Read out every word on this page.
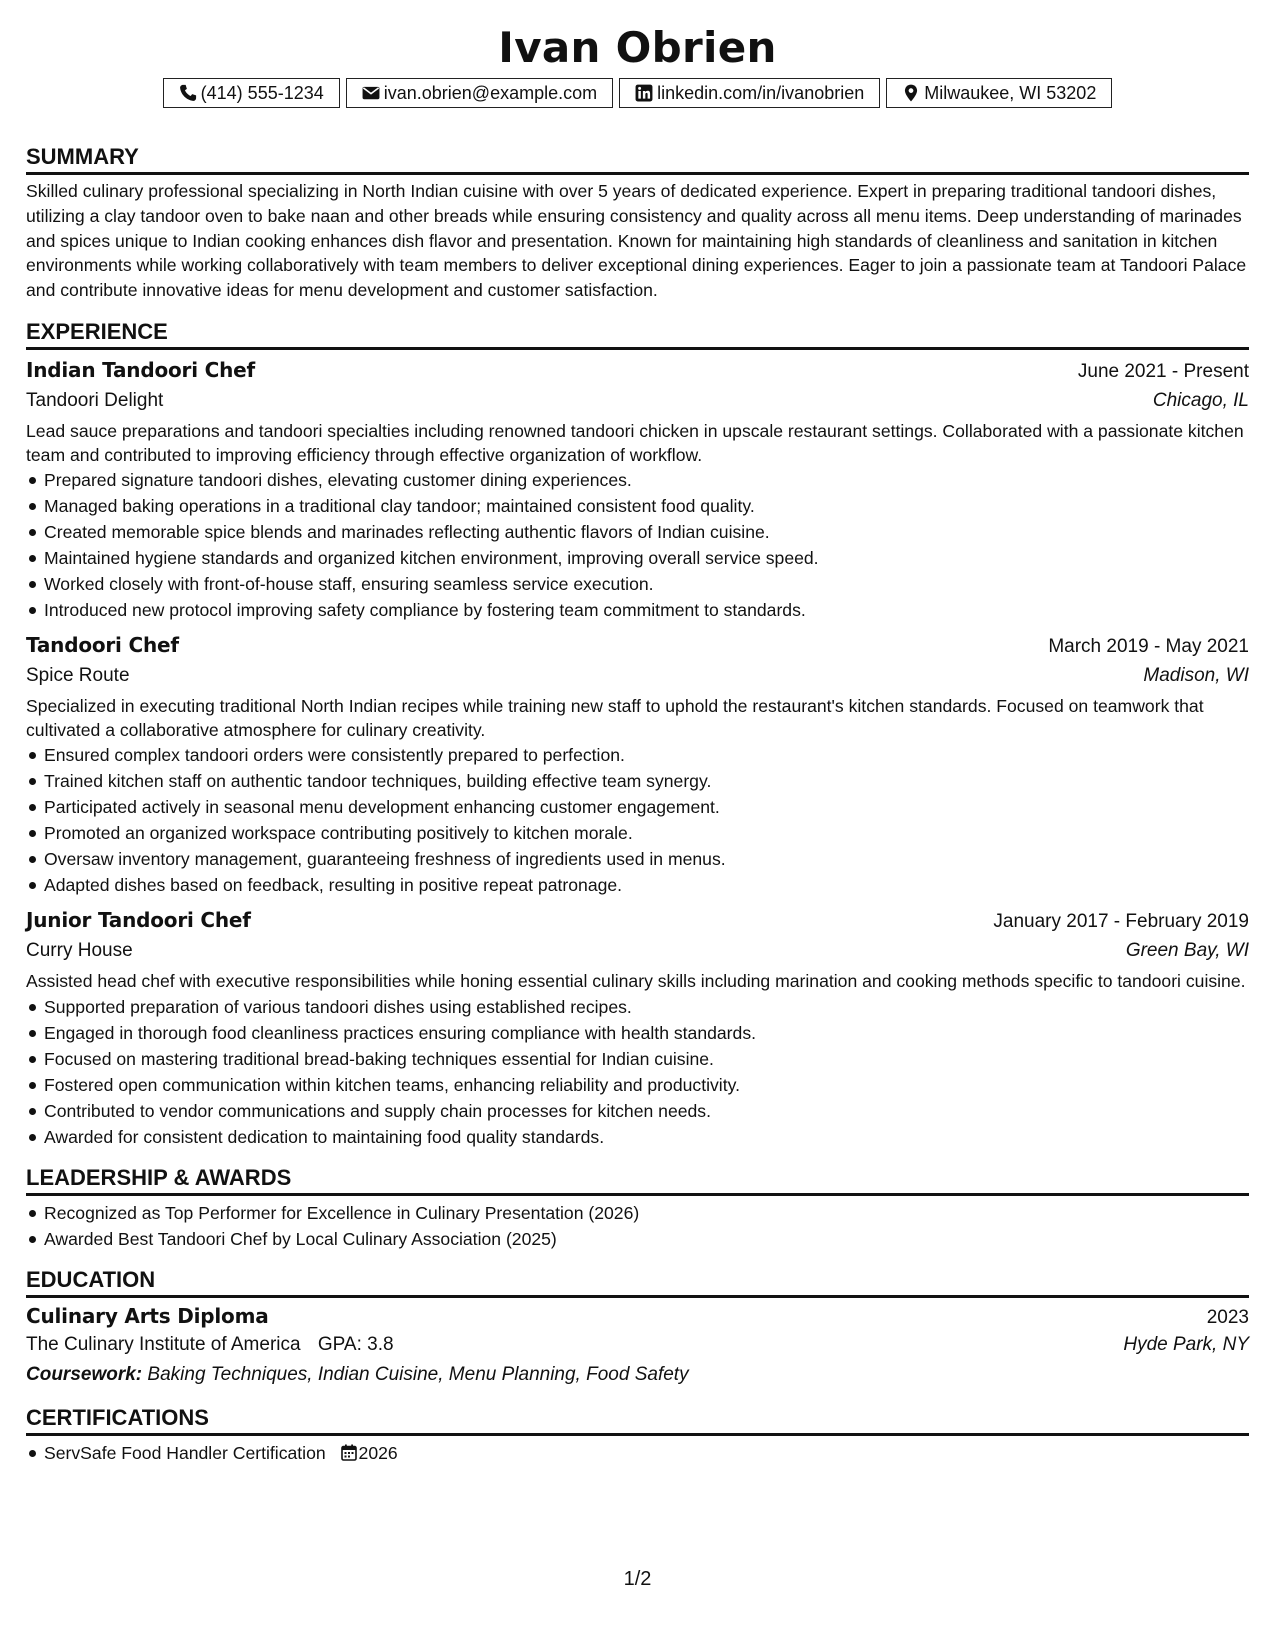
Ivan Obrien
(414) 555-1234	ivan.obrien@example.com	linkedin.com/in/ivanobrien	Milwaukee, WI 53202
SUMMARY
Skilled culinary professional specializing in North Indian cuisine with over 5 years of dedicated experience. Expert in preparing traditional tandoori dishes, utilizing a clay tandoor oven to bake naan and other breads while ensuring consistency and quality across all menu items. Deep understanding of marinades and spices unique to Indian cooking enhances dish flavor and presentation. Known for maintaining high standards of cleanliness and sanitation in kitchen environments while working collaboratively with team members to deliver exceptional dining experiences. Eager to join a passionate team at Tandoori Palace and contribute innovative ideas for menu development and customer satisfaction.
EXPERIENCE
Indian Tandoori Chef	June 2021 - Present
Tandoori Delight	Chicago, IL
Lead sauce preparations and tandoori specialties including renowned tandoori chicken in upscale restaurant settings. Collaborated with a passionate kitchen team and contributed to improving efficiency through effective organization of workflow.
Prepared signature tandoori dishes, elevating customer dining experiences.
Managed baking operations in a traditional clay tandoor; maintained consistent food quality.
Created memorable spice blends and marinades reflecting authentic flavors of Indian cuisine.
Maintained hygiene standards and organized kitchen environment, improving overall service speed.
Worked closely with front-of-house staff, ensuring seamless service execution.
Introduced new protocol improving safety compliance by fostering team commitment to standards.
Tandoori Chef	March 2019 - May 2021
Spice Route	Madison, WI
Specialized in executing traditional North Indian recipes while training new staff to uphold the restaurant's kitchen standards. Focused on teamwork that cultivated a collaborative atmosphere for culinary creativity.
Ensured complex tandoori orders were consistently prepared to perfection.
Trained kitchen staff on authentic tandoor techniques, building effective team synergy.
Participated actively in seasonal menu development enhancing customer engagement.
Promoted an organized workspace contributing positively to kitchen morale.
Oversaw inventory management, guaranteeing freshness of ingredients used in menus.
Adapted dishes based on feedback, resulting in positive repeat patronage.
Junior Tandoori Chef	January 2017 - February 2019
Curry House	Green Bay, WI
Assisted head chef with executive responsibilities while honing essential culinary skills including marination and cooking methods specific to tandoori cuisine.
Supported preparation of various tandoori dishes using established recipes.
Engaged in thorough food cleanliness practices ensuring compliance with health standards.
Focused on mastering traditional bread-baking techniques essential for Indian cuisine.
Fostered open communication within kitchen teams, enhancing reliability and productivity.
Contributed to vendor communications and supply chain processes for kitchen needs.
Awarded for consistent dedication to maintaining food quality standards.
LEADERSHIP & AWARDS
Recognized as Top Performer for Excellence in Culinary Presentation (2026)
Awarded Best Tandoori Chef by Local Culinary Association (2025)
EDUCATION
Culinary Arts Diploma	2023
The Culinary Institute of America GPA: 3.8	Hyde Park, NY
Coursework: Baking Techniques, Indian Cuisine, Menu Planning, Food Safety
CERTIFICATIONS
ServSafe Food Handler Certification 2026
1/2
